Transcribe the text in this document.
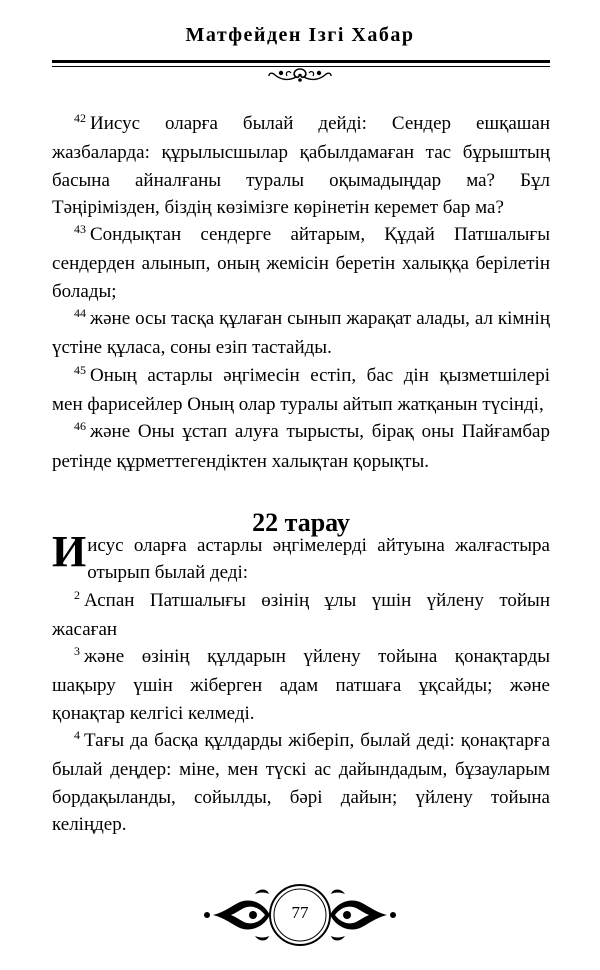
Матфейден Ізгі Хабар

$^{42}$ Иисус оларға былай дейді: Сендер ешқашан жазбаларда: құрылысшылар қабылдамаған тас бұрыштың басына айналғаны туралы оқымадыңдар ма? Бұл Тәңірімізден, біздің көзімізге көрінетін керемет бар ма?

$^{43}$ Сондықтан сендерге айтарым, Құдай Патшалығы сендерден алынып, оның жемісін беретін халыққа берілетін болады;

$^{44}$ және осы тасқа құлаған сынып жарақат алады, ал кімнің үстіне құласа, соны езіп тастайды.

$^{45}$ Оның астарлы әңгімесін естіп, бас дін қызметшілері мен фарисейлер Оның олар туралы айтып жатқанын түсінді,

$^{46}$ және Оны ұстап алуға тырысты, бірақ оны Пайғамбар ретінде құрметтегендіктен халықтан қорықты.

22 тарау

Иисус оларға астарлы әңгімелерді айтуына жалғастыра отырып былай деді:

$^2$ Аспан Патшалығы өзінің ұлы үшін үйлену тойын жасаған

$^3$ және өзінің құлдарын үйлену тойына қонақтарды шақыру үшін жіберген адам патшаға ұқсайды; және қонақтар келгісі келмеді.

$^4$ Тағы да басқа құлдарды жіберіп, былай деді: қонақтарға былай деңдер: міне, мен түскі ас дайындадым, бұзауларым бордақыланды, сойылды, бәрі дайын; үйлену тойына келіңдер.

77
